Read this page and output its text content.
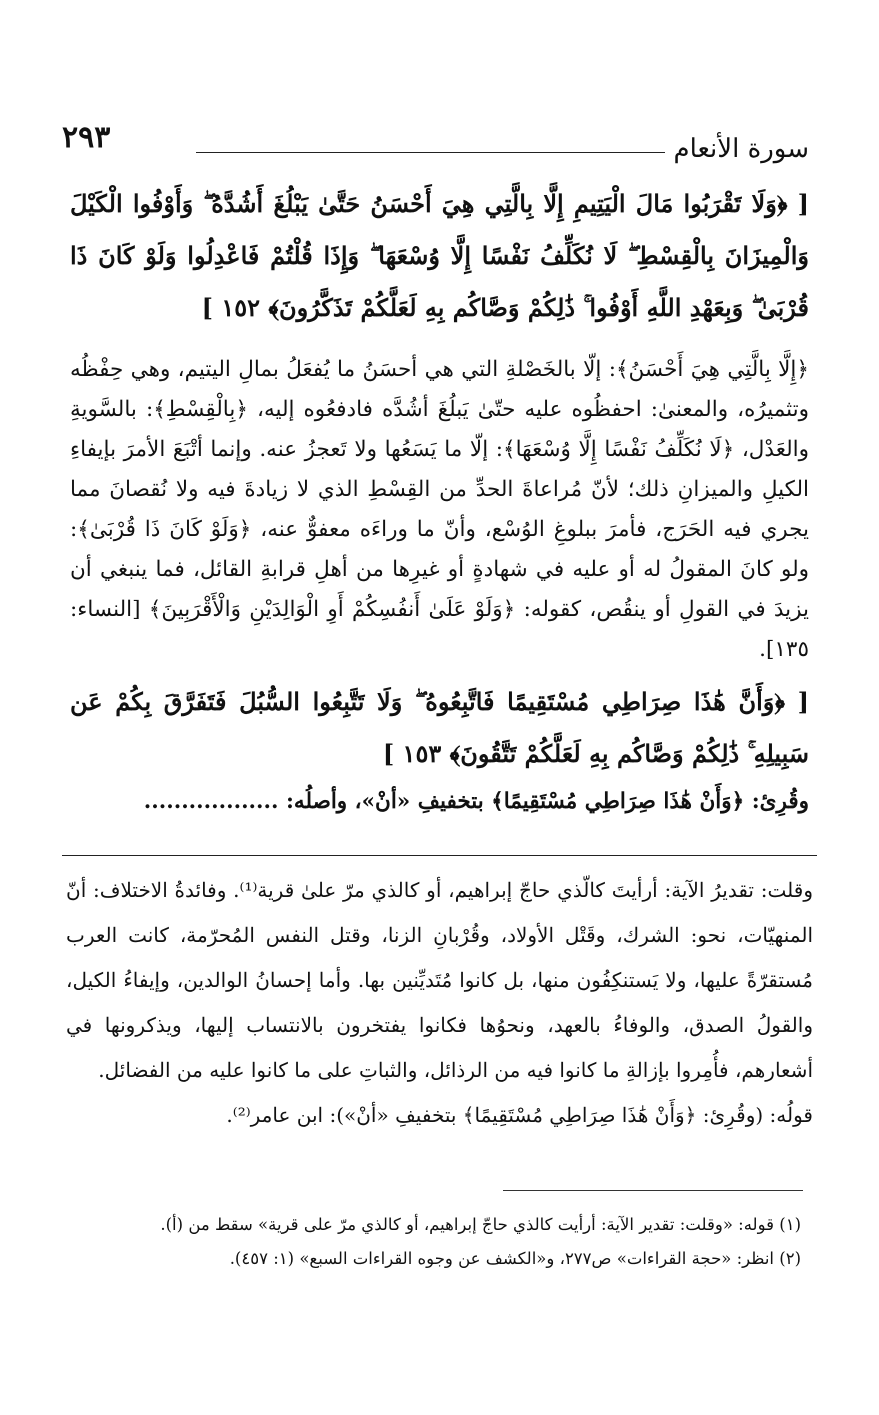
سورة الأنعام
٢٩٣

[ ﴿وَلَا تَقْرَبُوا مَالَ الْيَتِيمِ إِلَّا بِالَّتِي هِيَ أَحْسَنُ حَتَّىٰ يَبْلُغَ أَشُدَّهُ ۖ وَأَوْفُوا الْكَيْلَ وَالْمِيزَانَ بِالْقِسْطِ ۖ لَا نُكَلِّفُ نَفْسًا إِلَّا وُسْعَهَا ۖ وَإِذَا قُلْتُمْ فَاعْدِلُوا وَلَوْ كَانَ ذَا قُرْبَىٰ ۖ وَبِعَهْدِ اللَّهِ أَوْفُوا ۚ ذَٰلِكُمْ وَصَّاكُم بِهِ لَعَلَّكُمْ تَذَكَّرُونَ﴾ ١٥٢ ]

﴿إِلَّا بِالَّتِي هِيَ أَحْسَنُ﴾: إلّا بالخَصْلةِ التي هي أحسَنُ ما يُفعَلُ بمالِ اليتيم، وهي حِفْظُه وتثميرُه، والمعنىٰ: احفظُوه عليه حتّىٰ يَبلُغَ أشُدَّه فادفعُوه إليه، ﴿بِالْقِسْطِ﴾: بالسَّويةِ والعَدْل، ﴿لَا نُكَلِّفُ نَفْسًا إِلَّا وُسْعَهَا﴾: إلّا ما يَسَعُها ولا تَعجزُ عنه. وإنما أتْبَعَ الأمرَ بإيفاءِ الكيلِ والميزانِ ذلك؛ لأنّ مُراعاةَ الحدِّ من القِسْطِ الذي لا زيادةَ فيه ولا نُقصانَ مما يجري فيه الحَرَج، فأمرَ ببلوغِ الوُسْع، وأنّ ما وراءَه معفوٌّ عنه، ﴿وَلَوْ كَانَ ذَا قُرْبَىٰ﴾: ولو كانَ المقولُ له أو عليه في شهادةٍ أو غيرِها من أهلِ قرابةِ القائل، فما ينبغي أن يزيدَ في القولِ أو ينقُص، كقوله: ﴿وَلَوْ عَلَىٰ أَنفُسِكُمْ أَوِ الْوَالِدَيْنِ وَالْأَقْرَبِينَ﴾ [النساء: ١٣٥].

[ ﴿وَأَنَّ هَٰذَا صِرَاطِي مُسْتَقِيمًا فَاتَّبِعُوهُ ۖ وَلَا تَتَّبِعُوا السُّبُلَ فَتَفَرَّقَ بِكُمْ عَن سَبِيلِهِ ۚ ذَٰلِكُمْ وَصَّاكُم بِهِ لَعَلَّكُمْ تَتَّقُونَ﴾ ١٥٣ ]

وقُرِئ: ﴿وَأَنْ هَٰذَا صِرَاطِي مُسْتَقِيمًا﴾ بتخفيفِ «أنْ»، وأصلُه: ..................

وقلت: تقديرُ الآية: أرأيتَ كالّذي حاجّ إبراهيم، أو كالذي مرّ علىٰ قرية⁽¹⁾. وفائدةُ الاختلاف: أنّ المنهيّات، نحو: الشرك، وقَتْل الأولاد، وقُرْبانِ الزنا، وقتل النفس المُحرّمة، كانت العرب مُستقرّةً عليها، ولا يَستنكِفُون منها، بل كانوا مُتَديِّنين بها. وأما إحسانُ الوالدين، وإيفاءُ الكيل، والقولُ الصدق، والوفاءُ بالعهد، ونحوُها فكانوا يفتخرون بالانتساب إليها، ويذكرونها في أشعارهم، فأُمِروا بإزالةِ ما كانوا فيه من الرذائل، والثباتِ على ما كانوا عليه من الفضائل.

قولُه: (وقُرِئ: ﴿وَأَنْ هَٰذَا صِرَاطِي مُسْتَقِيمًا﴾ بتخفيفِ «أنْ»): ابن عامر⁽²⁾.

(١) قوله: «وقلت: تقدير الآية: أرأيت كالذي حاجّ إبراهيم، أو كالذي مرّ على قرية» سقط من (أ).

(٢) انظر: «حجة القراءات» ص٢٧٧، و«الكشف عن وجوه القراءات السبع» (١: ٤٥٧).
